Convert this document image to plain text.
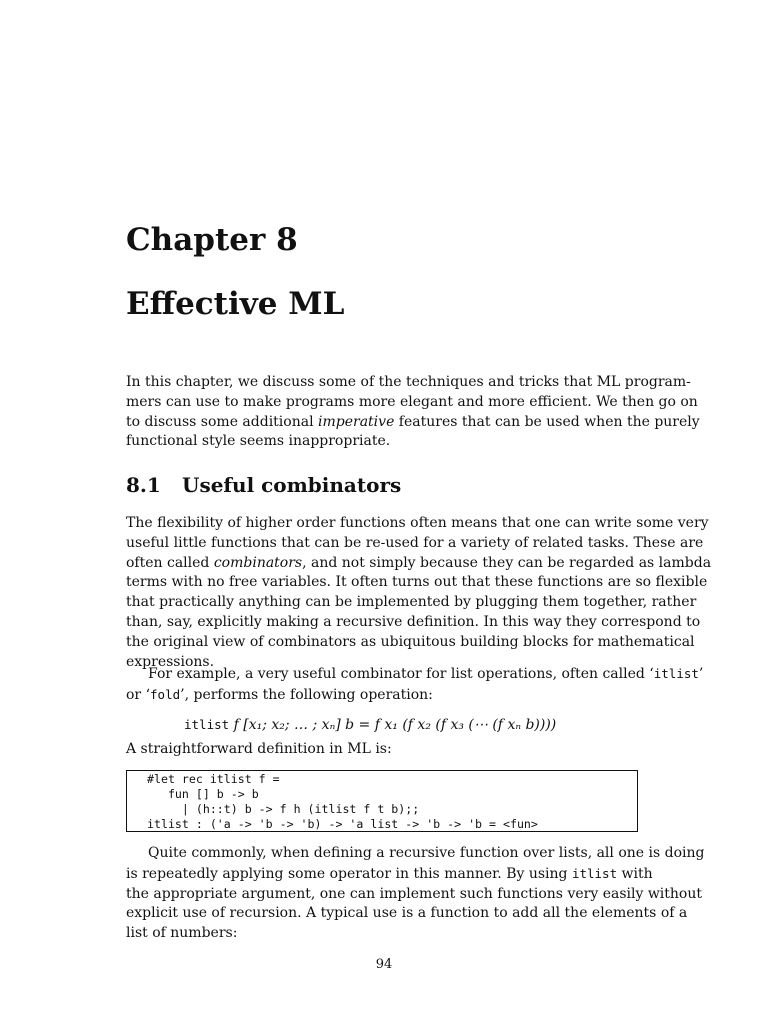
Chapter 8
Effective ML

In this chapter, we discuss some of the techniques and tricks that ML program-
mers can use to make programs more elegant and more efficient. We then go on
to discuss some additional imperative features that can be used when the purely
functional style seems inappropriate.

8.1 Useful combinators

The flexibility of higher order functions often means that one can write some very
useful little functions that can be re-used for a variety of related tasks. These are
often called combinators, and not simply because they can be regarded as lambda
terms with no free variables. It often turns out that these functions are so flexible
that practically anything can be implemented by plugging them together, rather
than, say, explicitly making a recursive definition. In this way they correspond to
the original view of combinators as ubiquitous building blocks for mathematical
expressions.

For example, a very useful combinator for list operations, often called ‘itlist’
or ‘fold’, performs the following operation:

itlist f [x₁; x₂; … ; xₙ] b = f x₁ (f x₂ (f x₃ (⋯ (f xₙ b))))

A straightforward definition in ML is:

#let rec itlist f =
fun [] b -> b
| (h::t) b -> f h (itlist f t b);;
itlist : ('a -> 'b -> 'b) -> 'a list -> 'b -> 'b = <fun>

Quite commonly, when defining a recursive function over lists, all one is doing
is repeatedly applying some operator in this manner. By using itlist with
the appropriate argument, one can implement such functions very easily without
explicit use of recursion. A typical use is a function to add all the elements of a
list of numbers:

94
